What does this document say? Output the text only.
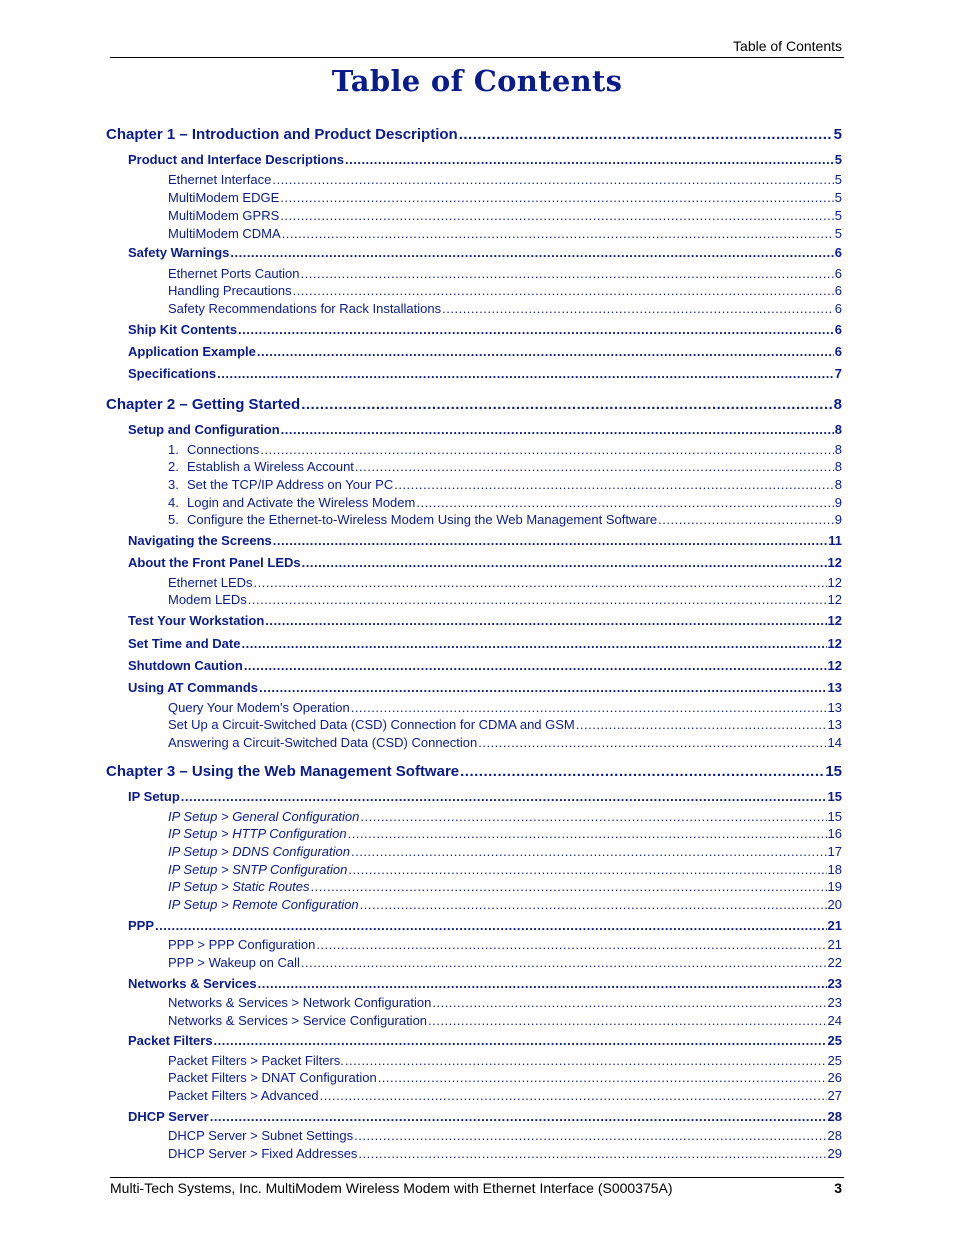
Table of Contents
Table of Contents
Chapter 1 – Introduction and Product Description .....	5
Product and Interface Descriptions .....	5
Ethernet Interface .....	5
MultiModem EDGE .....	5
MultiModem GPRS .....	5
MultiModem CDMA .....	5
Safety Warnings .....	6
Ethernet Ports Caution .....	6
Handling Precautions .....	6
Safety Recommendations for Rack Installations .....	6
Ship Kit Contents .....	6
Application Example .....	6
Specifications .....	7
Chapter 2 – Getting Started .....	8
Setup and Configuration .....	8
1. Connections .....	8
2. Establish a Wireless Account .....	8
3. Set the TCP/IP Address on Your PC .....	8
4. Login and Activate the Wireless Modem .....	9
5. Configure the Ethernet-to-Wireless Modem Using the Web Management Software .....	9
Navigating the Screens .....	11
About the Front Panel LEDs .....	12
Ethernet LEDs .....	12
Modem LEDs .....	12
Test Your Workstation .....	12
Set Time and Date .....	12
Shutdown Caution .....	12
Using AT Commands .....	13
Query Your Modem's Operation .....	13
Set Up a Circuit-Switched Data (CSD) Connection for CDMA and GSM .....	13
Answering a Circuit-Switched Data (CSD) Connection .....	14
Chapter 3 – Using the Web Management Software .....	15
IP Setup .....	15
IP Setup > General Configuration .....	15
IP Setup > HTTP Configuration .....	16
IP Setup > DDNS Configuration .....	17
IP Setup > SNTP Configuration .....	18
IP Setup > Static Routes .....	19
IP Setup > Remote Configuration .....	20
PPP .....	21
PPP > PPP Configuration .....	21
PPP > Wakeup on Call .....	22
Networks & Services .....	23
Networks & Services > Network Configuration .....	23
Networks & Services > Service Configuration .....	24
Packet Filters .....	25
Packet Filters > Packet Filters. .....	25
Packet Filters > DNAT Configuration .....	26
Packet Filters > Advanced .....	27
DHCP Server .....	28
DHCP Server > Subnet Settings .....	28
DHCP Server > Fixed Addresses .....	29
Multi-Tech Systems, Inc. MultiModem Wireless Modem with Ethernet Interface (S000375A)	3
